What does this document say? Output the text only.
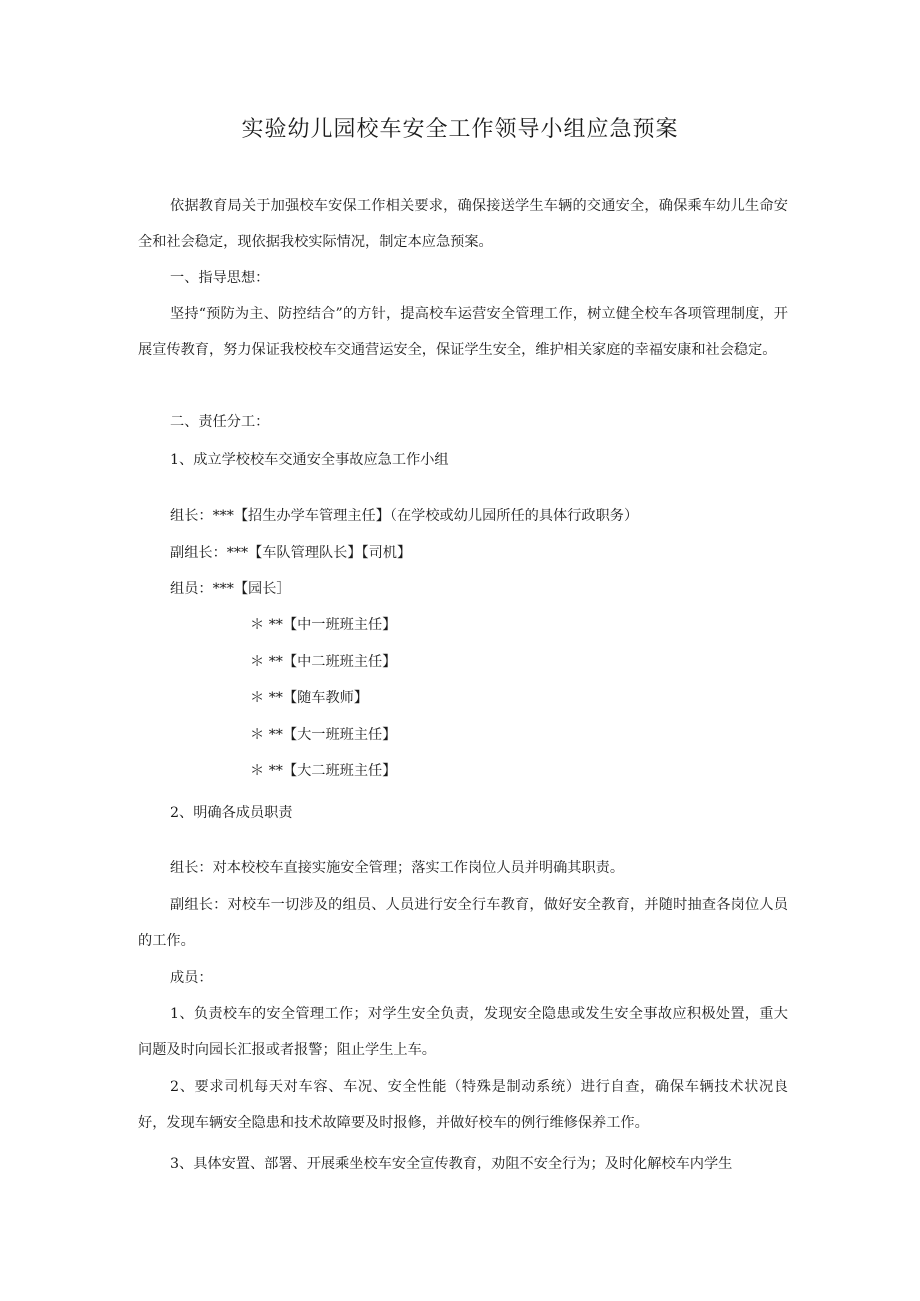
实验幼儿园校车安全工作领导小组应急预案
依据教育局关于加强校车安保工作相关要求，确保接送学生车辆的交通安全，确保乘车幼儿生命安全和社会稳定，现依据我校实际情况，制定本应急预案。
一、指导思想：
坚持“预防为主、防控结合”的方针，提高校车运营安全管理工作，树立健全校车各项管理制度，开展宣传教育，努力保证我校校车交通营运安全，保证学生安全，维护相关家庭的幸福安康和社会稳定。
二、责任分工：
1、成立学校校车交通安全事故应急工作小组
组长：***【招生办学车管理主任】（在学校或幼儿园所任的具体行政职务）
副组长：***【车队管理队长】【司机】
组员：***【园长］
＊ **【中一班班主任】
＊ **【中二班班主任】
＊ **【随车教师】
＊ **【大一班班主任】
＊ **【大二班班主任】
2、明确各成员职责
组长：对本校校车直接实施安全管理；落实工作岗位人员并明确其职责。
副组长：对校车一切涉及的组员、人员进行安全行车教育，做好安全教育，并随时抽查各岗位人员的工作。
成员：
1、负责校车的安全管理工作；对学生安全负责，发现安全隐患或发生安全事故应积极处置，重大问题及时向园长汇报或者报警；阻止学生上车。
2、要求司机每天对车容、车况、安全性能（特殊是制动系统）进行自查，确保车辆技术状况良好，发现车辆安全隐患和技术故障要及时报修，并做好校车的例行维修保养工作。
3、具体安置、部署、开展乘坐校车安全宣传教育，劝阻不安全行为；及时化解校车内学生
